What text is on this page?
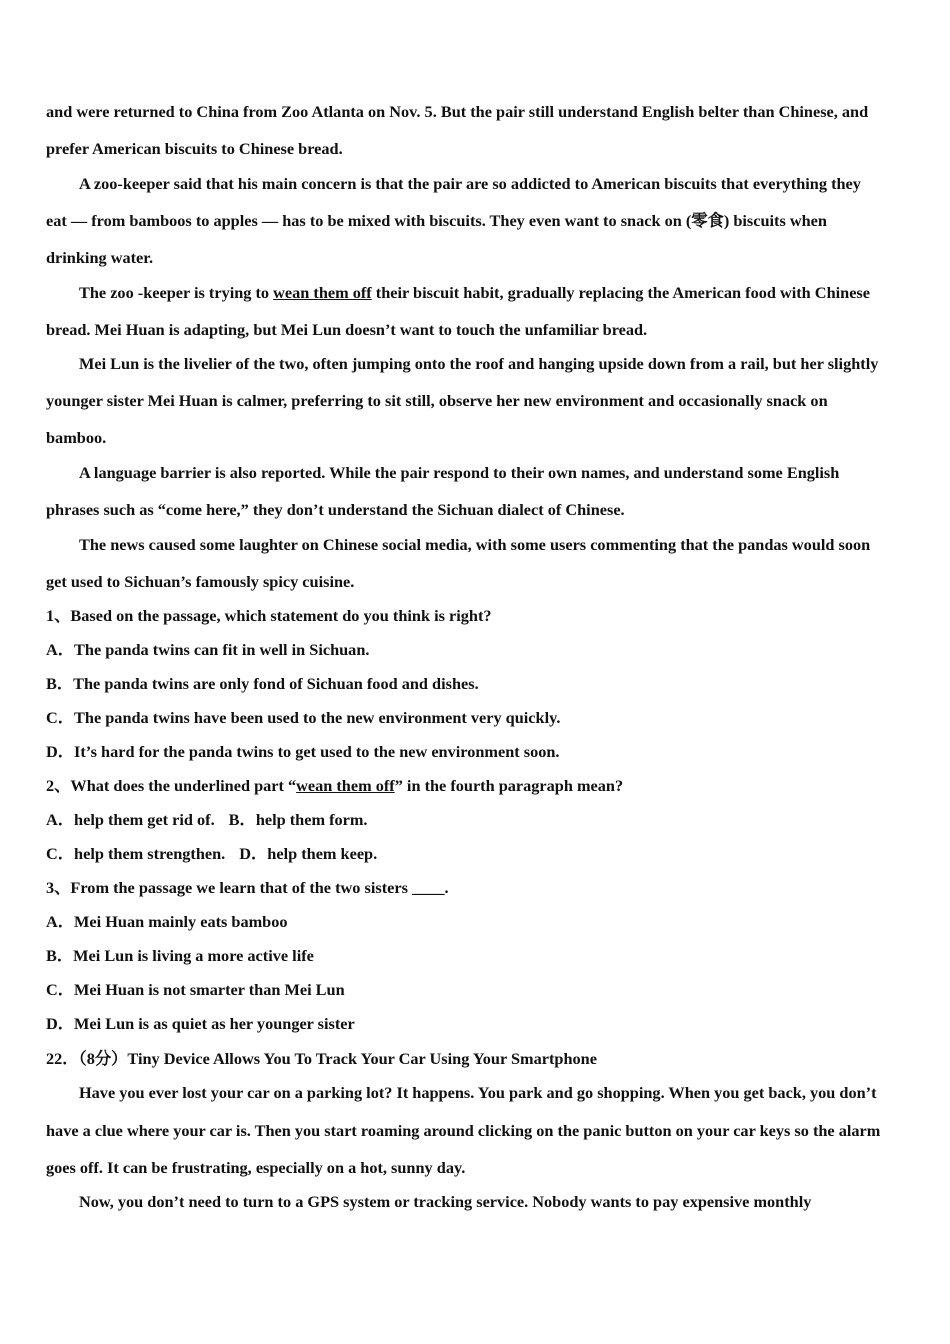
and were returned to China from Zoo Atlanta on Nov. 5. But the pair still understand English belter than Chinese, and
prefer American biscuits to Chinese bread.
A zoo-keeper said that his main concern is that the pair are so addicted to American biscuits that everything they
eat — from bamboos to apples — has to be mixed with biscuits. They even want to snack on (零食) biscuits when
drinking water.
The zoo -keeper is trying to wean them off their biscuit habit, gradually replacing the American food with Chinese
bread. Mei Huan is adapting, but Mei Lun doesn’t want to touch the unfamiliar bread.
Mei Lun is the livelier of the two, often jumping onto the roof and hanging upside down from a rail, but her slightly
younger sister Mei Huan is calmer, preferring to sit still, observe her new environment and occasionally snack on
bamboo.
A language barrier is also reported. While the pair respond to their own names, and understand some English
phrases such as “come here,” they don’t understand the Sichuan dialect of Chinese.
The news caused some laughter on Chinese social media, with some users commenting that the pandas would soon
get used to Sichuan’s famously spicy cuisine.
1、Based on the passage, which statement do you think is right?
A．The panda twins can fit in well in Sichuan.
B．The panda twins are only fond of Sichuan food and dishes.
C．The panda twins have been used to the new environment very quickly.
D．It’s hard for the panda twins to get used to the new environment soon.
2、What does the underlined part “wean them off” in the fourth paragraph mean?
A．help them get rid of. B．help them form.
C．help them strengthen. D．help them keep.
3、From the passage we learn that of the two sisters ____.
A．Mei Huan mainly eats bamboo
B．Mei Lun is living a more active life
C．Mei Huan is not smarter than Mei Lun
D．Mei Lun is as quiet as her younger sister
22．（8分）Tiny Device Allows You To Track Your Car Using Your Smartphone
Have you ever lost your car on a parking lot? It happens. You park and go shopping. When you get back, you don’t
have a clue where your car is. Then you start roaming around clicking on the panic button on your car keys so the alarm
goes off. It can be frustrating, especially on a hot, sunny day.
Now, you don’t need to turn to a GPS system or tracking service. Nobody wants to pay expensive monthly
